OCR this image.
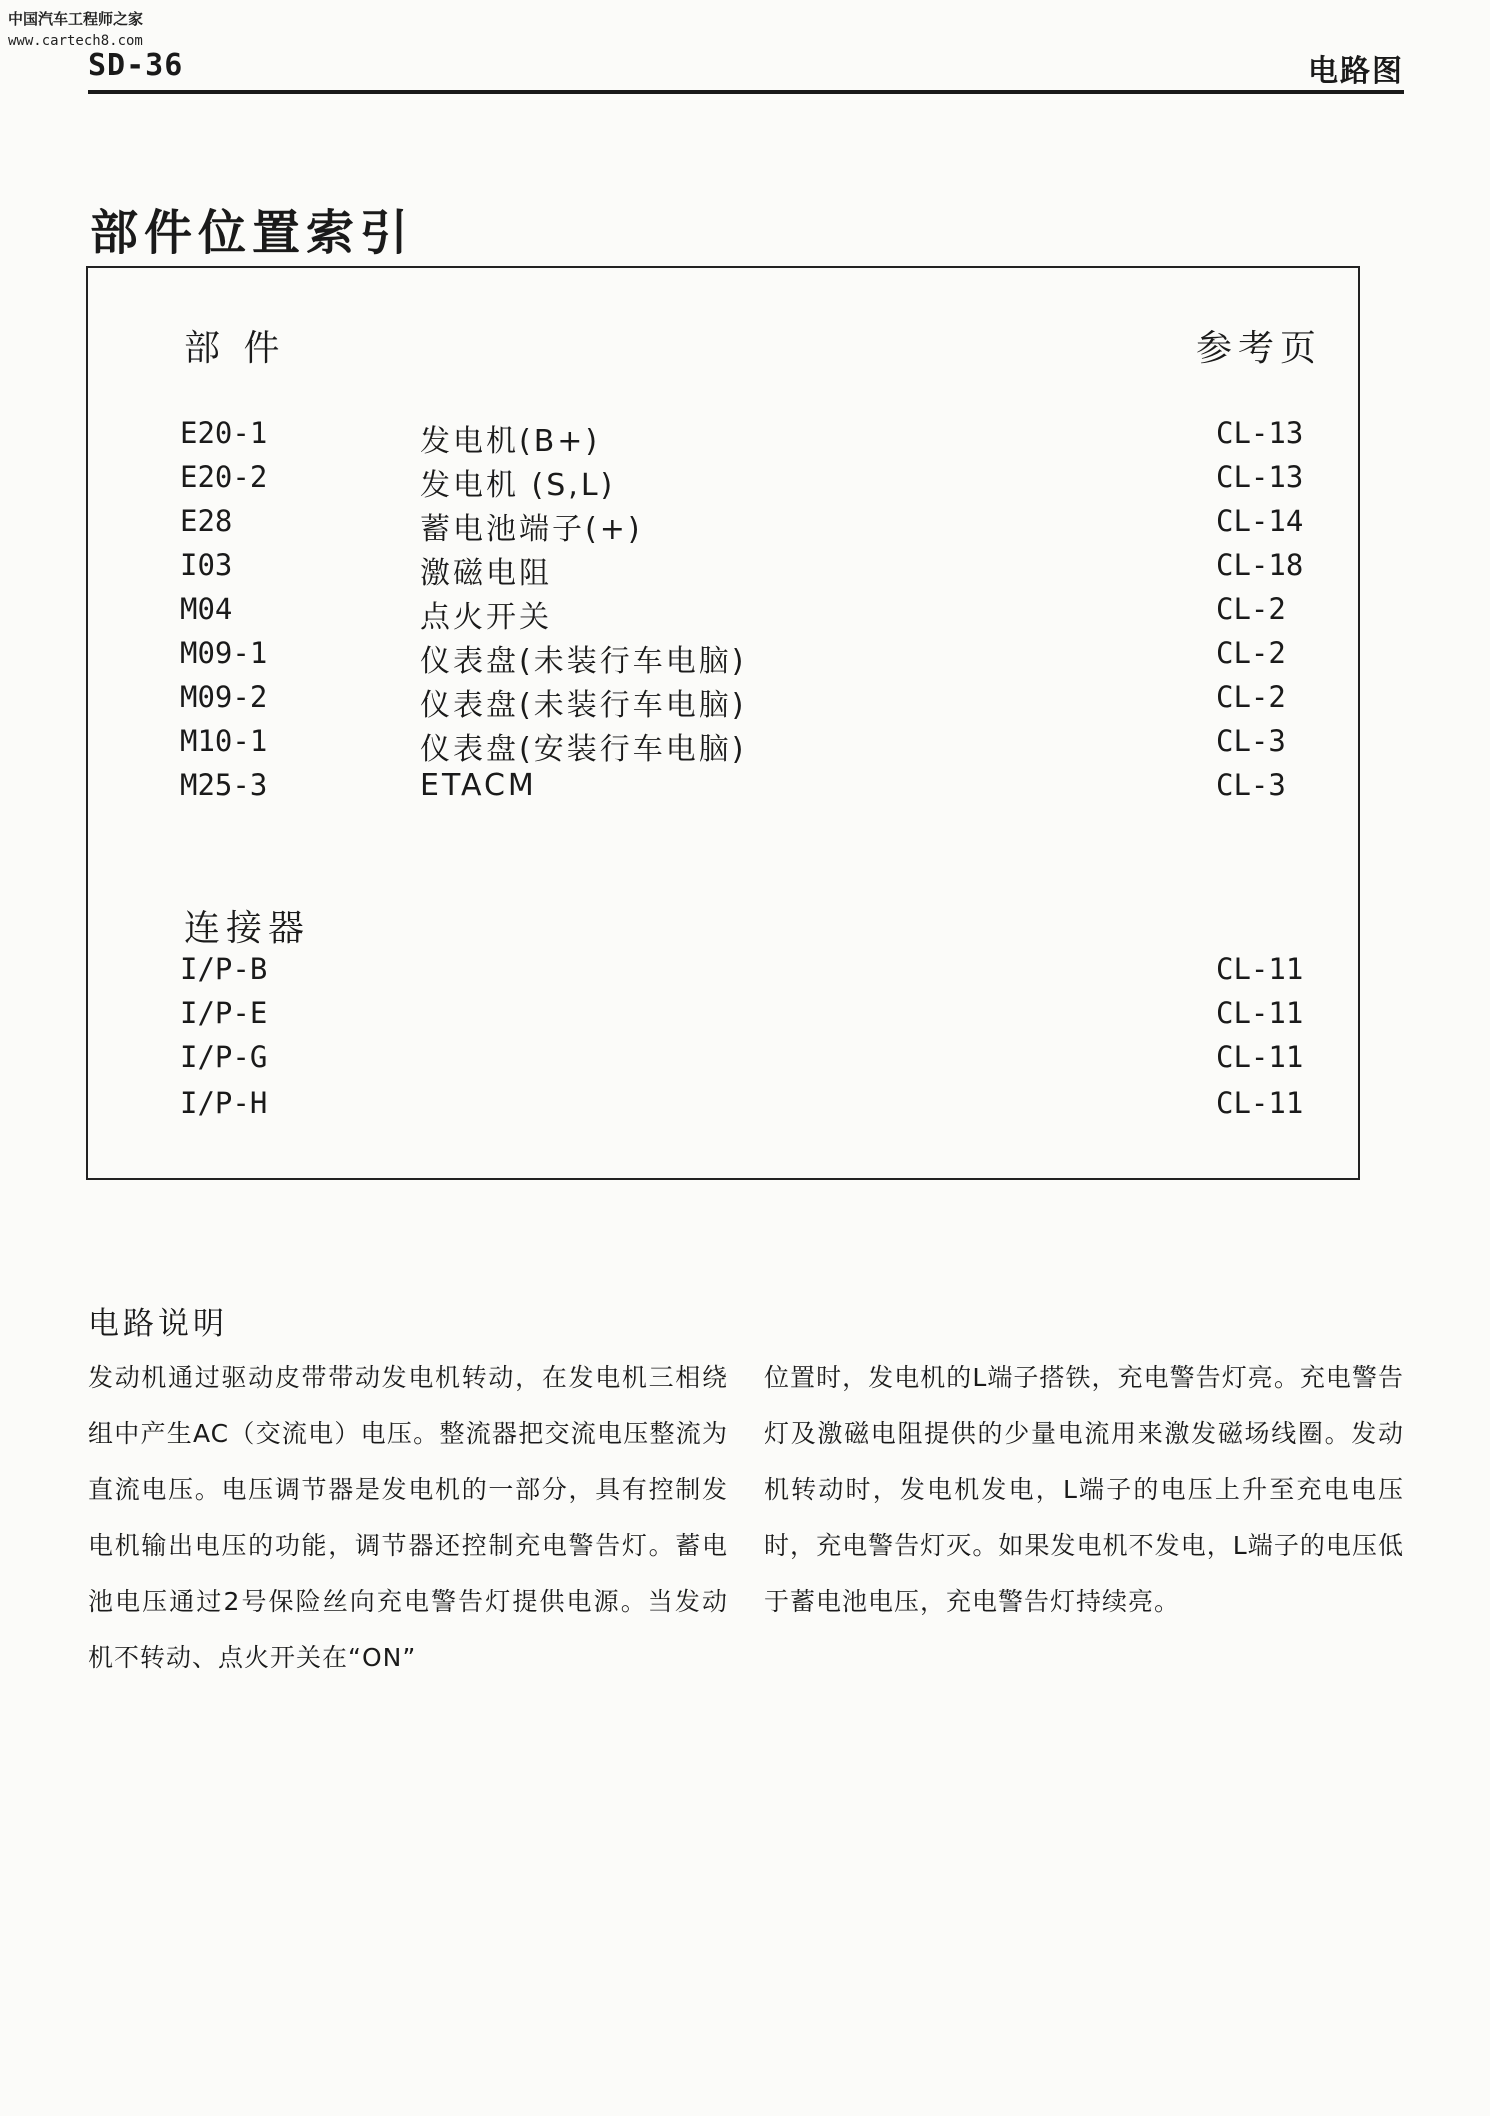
中国汽车工程师之家
www.cartech8.com
SD-36	电路图
部件位置索引
部 件	参考页
E20-1	发电机(B+)	CL-13
E20-2	发电机 (S,L)	CL-13
E28	蓄电池端子(+)	CL-14
I03	激磁电阻	CL-18
M04	点火开关	CL-2
M09-1	仪表盘(未装行车电脑)	CL-2
M09-2	仪表盘(未装行车电脑)	CL-2
M10-1	仪表盘(安装行车电脑)	CL-3
M25-3	ETACM	CL-3
连接器
I/P-B	CL-11
I/P-E	CL-11
I/P-G	CL-11
I/P-H	CL-11
电路说明
发动机通过驱动皮带带动发电机转动，在发电机三相绕组中产生AC（交流电）电压。整流器把交流电压整流为直流电压。电压调节器是发电机的一部分，具有控制发电机输出电压的功能，调节器还控制充电警告灯。蓄电池电压通过2号保险丝向充电警告灯提供电源。当发动机不转动、点火开关在“ON”
位置时，发电机的L端子搭铁，充电警告灯亮。充电警告灯及激磁电阻提供的少量电流用来激发磁场线圈。发动机转动时，发电机发电，L端子的电压上升至充电电压时，充电警告灯灭。如果发电机不发电，L端子的电压低于蓄电池电压，充电警告灯持续亮。
